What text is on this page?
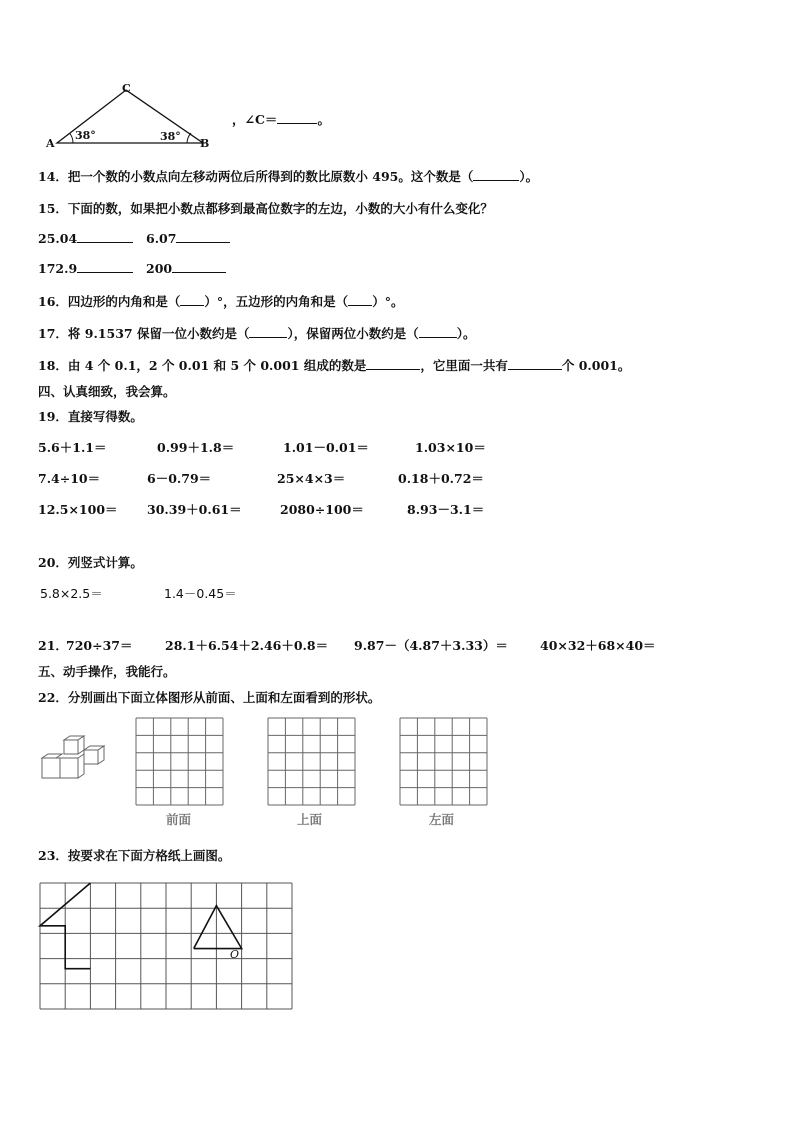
C
A	B
38°	38°
，∠C＝	。
14．把一个数的小数点向左移动两位后所得到的数比原数小 495。这个数是（	）。
15．下面的数，如果把小数点都移到最高位数字的左边，小数的大小有什么变化？
25.04	6.07
172.9	200
16．四边形的内角和是（ ）°，五边形的内角和是（ ）°。
17．将 9.1537 保留一位小数约是（	），保留两位小数约是（	）。
18．由 4 个 0.1，2 个 0.01 和 5 个 0.001 组成的数是	，它里面一共有	个 0.001。
四、认真细致，我会算。
19．直接写得数。
5.6＋1.1＝	0.99＋1.8＝	1.01－0.01＝	1.03×10＝
7.4÷10＝	6－0.79＝	25×4×3＝	0.18＋0.72＝
12.5×100＝ 30.39＋0.61＝	2080÷100＝	8.93－3.1＝
20．列竖式计算。
5.8×2.5＝	1.4－0.45＝
21．
720÷37＝	28.1＋6.54＋2.46＋0.8＝ 9.87－（4.87＋3.33）＝	40×32＋68×40＝
五、动手操作，我能行。
22．分别画出下面立体图形从前面、上面和左面看到的形状。
前面	上面	左面
23．按要求在下面方格纸上画图。
O
